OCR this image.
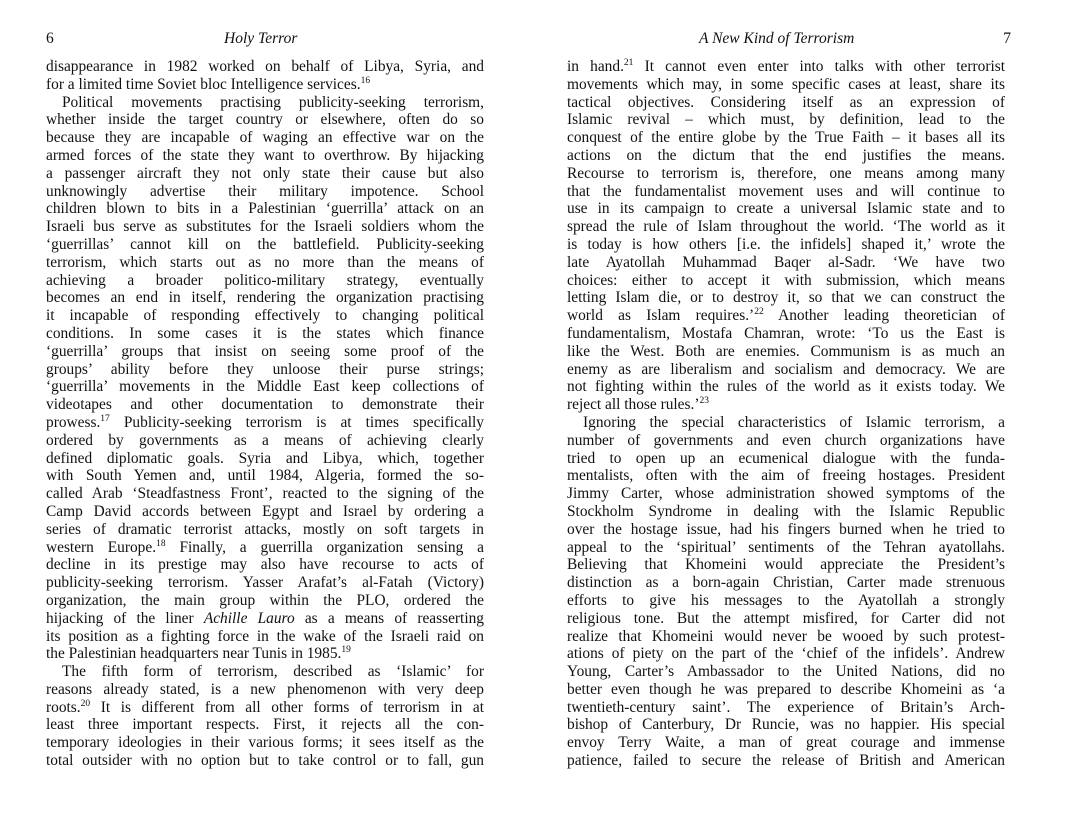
6	Holy Terror
disappearance in 1982 worked on behalf of Libya, Syria, and
for a limited time Soviet bloc Intelligence services.$^{16}$
Political movements practising publicity-seeking terrorism,
whether inside the target country or elsewhere, often do so
because they are incapable of waging an effective war on the
armed forces of the state they want to overthrow. By hijacking
a passenger aircraft they not only state their cause but also
unknowingly advertise their military impotence. School
children blown to bits in a Palestinian ‘guerrilla’ attack on an
Israeli bus serve as substitutes for the Israeli soldiers whom the
‘guerrillas’ cannot kill on the battlefield. Publicity-seeking
terrorism, which starts out as no more than the means of
achieving a broader politico-military strategy, eventually
becomes an end in itself, rendering the organization practising
it incapable of responding effectively to changing political
conditions. In some cases it is the states which finance
‘guerrilla’ groups that insist on seeing some proof of the
groups’ ability before they unloose their purse strings;
‘guerrilla’ movements in the Middle East keep collections of
videotapes and other documentation to demonstrate their
prowess.$^{17}$ Publicity-seeking terrorism is at times specifically
ordered by governments as a means of achieving clearly
defined diplomatic goals. Syria and Libya, which, together
with South Yemen and, until 1984, Algeria, formed the so-
called Arab ‘Steadfastness Front’, reacted to the signing of the
Camp David accords between Egypt and Israel by ordering a
series of dramatic terrorist attacks, mostly on soft targets in
western Europe.$^{18}$ Finally, a guerrilla organization sensing a
decline in its prestige may also have recourse to acts of
publicity-seeking terrorism. Yasser Arafat’s al-Fatah (Victory)
organization, the main group within the PLO, ordered the
hijacking of the liner Achille Lauro as a means of reasserting
its position as a fighting force in the wake of the Israeli raid on
the Palestinian headquarters near Tunis in 1985.19
The fifth form of terrorism, described as ‘Islamic’ for
reasons already stated, is a new phenomenon with very deep
roots.$^{20}$ It is different from all other forms of terrorism in at
least three important respects. First, it rejects all the con-
temporary ideologies in their various forms; it sees itself as the
total outsider with no option but to take control or to fall, gun
A New Kind of Terrorism	7
in hand.$^{21}$ It cannot even enter into talks with other terrorist
movements which may, in some specific cases at least, share its
tactical objectives. Considering itself as an expression of
Islamic revival – which must, by definition, lead to the
conquest of the entire globe by the True Faith – it bases all its
actions on the dictum that the end justifies the means.
Recourse to terrorism is, therefore, one means among many
that the fundamentalist movement uses and will continue to
use in its campaign to create a universal Islamic state and to
spread the rule of Islam throughout the world. ‘The world as it
is today is how others [i.e. the infidels] shaped it,’ wrote the
late Ayatollah Muhammad Baqer al-Sadr. ‘We have two
choices: either to accept it with submission, which means
letting Islam die, or to destroy it, so that we can construct the
world as Islam requires.’$^{22}$ Another leading theoretician of
fundamentalism, Mostafa Chamran, wrote: ‘To us the East is
like the West. Both are enemies. Communism is as much an
enemy as are liberalism and socialism and democracy. We are
not fighting within the rules of the world as it exists today. We
reject all those rules.’$^{23}$
Ignoring the special characteristics of Islamic terrorism, a
number of governments and even church organizations have
tried to open up an ecumenical dialogue with the funda-
mentalists, often with the aim of freeing hostages. President
Jimmy Carter, whose administration showed symptoms of the
Stockholm Syndrome in dealing with the Islamic Republic
over the hostage issue, had his fingers burned when he tried to
appeal to the ‘spiritual’ sentiments of the Tehran ayatollahs.
Believing that Khomeini would appreciate the President’s
distinction as a born-again Christian, Carter made strenuous
efforts to give his messages to the Ayatollah a strongly
religious tone. But the attempt misfired, for Carter did not
realize that Khomeini would never be wooed by such protest-
ations of piety on the part of the ‘chief of the infidels’. Andrew
Young, Carter’s Ambassador to the United Nations, did no
better even though he was prepared to describe Khomeini as ‘a
twentieth-century saint’. The experience of Britain’s Arch-
bishop of Canterbury, Dr Runcie, was no happier. His special
envoy Terry Waite, a man of great courage and immense
patience, failed to secure the release of British and American
